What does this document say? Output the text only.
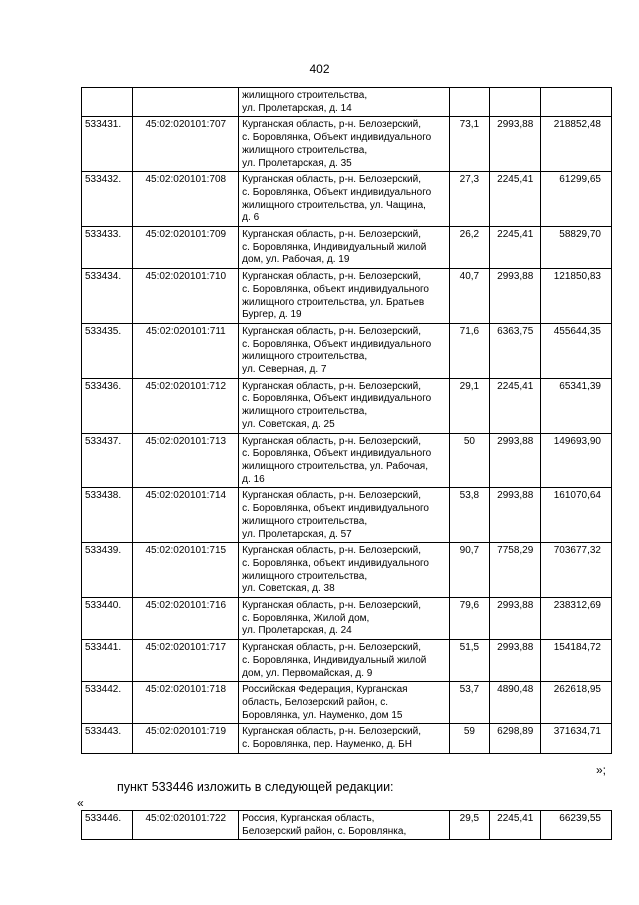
402

		жилищного строительства,
ул. Пролетарская, д. 14			

533431.	45:02:020101:707	Курганская область, р-н. Белозерский,
с. Боровлянка, Объект индивидуального
жилищного строительства,
ул. Пролетарская, д. 35	73,1	2993,88	218852,48
533432.	45:02:020101:708	Курганская область, р-н. Белозерский,
с. Боровлянка, Объект индивидуального
жилищного строительства, ул. Чащина,
д. 6	27,3	2245,41	61299,65
533433.	45:02:020101:709	Курганская область, р-н. Белозерский,
с. Боровлянка, Индивидуальный жилой
дом, ул. Рабочая, д. 19	26,2	2245,41	58829,70
533434.	45:02:020101:710	Курганская область, р-н. Белозерский,
с. Боровлянка, объект индивидуального
жилищного строительства, ул. Братьев
Бургер, д. 19	40,7	2993,88	121850,83
533435.	45:02:020101:711	Курганская область, р-н. Белозерский,
с. Боровлянка, Объект индивидуального
жилищного строительства,
ул. Северная, д. 7	71,6	6363,75	455644,35
533436.	45:02:020101:712	Курганская область, р-н. Белозерский,
с. Боровлянка, Объект индивидуального
жилищного строительства,
ул. Советская, д. 25	29,1	2245,41	65341,39
533437.	45:02:020101:713	Курганская область, р-н. Белозерский,
с. Боровлянка, Объект индивидуального
жилищного строительства, ул. Рабочая,
д. 16	50	2993,88	149693,90
533438.	45:02:020101:714	Курганская область, р-н. Белозерский,
с. Боровлянка, объект индивидуального
жилищного строительства,
ул. Пролетарская, д. 57	53,8	2993,88	161070,64
533439.	45:02:020101:715	Курганская область, р-н. Белозерский,
с. Боровлянка, объект индивидуального
жилищного строительства,
ул. Советская, д. 38	90,7	7758,29	703677,32
533440.	45:02:020101:716	Курганская область, р-н. Белозерский,
с. Боровлянка, Жилой дом,
ул. Пролетарская, д. 24	79,6	2993,88	238312,69
533441.	45:02:020101:717	Курганская область, р-н. Белозерский,
с. Боровлянка, Индивидуальный жилой
дом, ул. Первомайская, д. 9	51,5	2993,88	154184,72
533442.	45:02:020101:718	Российская Федерация, Курганская
область, Белозерский район, с.
Боровлянка, ул. Науменко, дом 15	53,7	4890,48	262618,95
533443.	45:02:020101:719	Курганская область, р-н. Белозерский,
с. Боровлянка, пер. Науменко, д. БН	59	6298,89	371634,71
»;
пункт 533446 изложить в следующей редакции:
«
533446.	45:02:020101:722	Россия, Курганская область,
Белозерский район, с. Боровлянка,
	29,5	2245,41	66239,55
